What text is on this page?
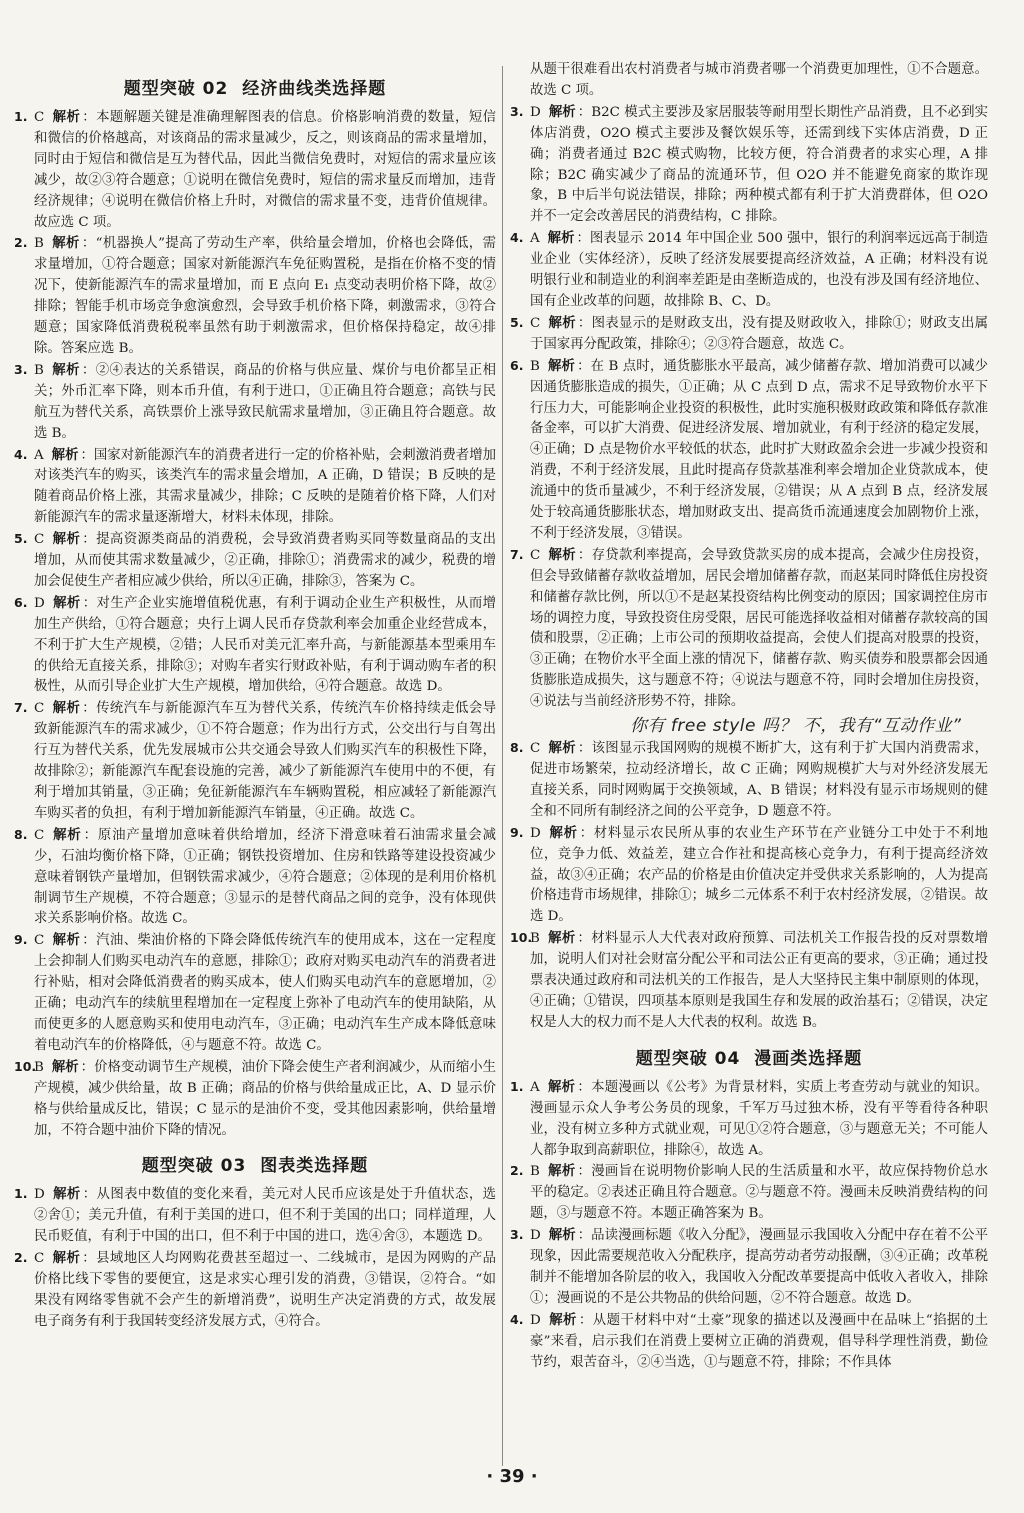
题型突破 02 经济曲线类选择题

1. C 解析 ：本题解题关键是准确理解图表的信息。价格影响消费的数量，短信和微信的价格越高，对该商品的需求量减少，反之，则该商品的需求量增加，同时由于短信和微信是互为替代品，因此当微信免费时，对短信的需求量应该减少，故②③符合题意；①说明在微信免费时，短信的需求量反而增加，违背经济规律；④说明在微信价格上升时，对微信的需求量不变，违背价值规律。故应选 C 项。

2. B 解析 ：“机器换人”提高了劳动生产率，供给量会增加，价格也会降低，需求量增加，①符合题意；国家对新能源汽车免征购置税，是指在价格不变的情况下，使新能源汽车的需求量增加，而 E 点向 E₁ 点变动表明价格下降，故②排除；智能手机市场竞争愈演愈烈，会导致手机价格下降，刺激需求，③符合题意；国家降低消费税税率虽然有助于刺激需求，但价格保持稳定，故④排除。答案应选 B。

3. B 解析 ：②④表达的关系错误，商品的价格与供应量、煤价与电价都呈正相关；外币汇率下降，则本币升值，有利于进口，①正确且符合题意；高铁与民航互为替代关系，高铁票价上涨导致民航需求量增加，③正确且符合题意。故选 B。

4. A 解析 ：国家对新能源汽车的消费者进行一定的价格补贴，会刺激消费者增加对该类汽车的购买，该类汽车的需求量会增加，A 正确，D 错误；B 反映的是随着商品价格上涨，其需求量减少，排除；C 反映的是随着价格下降，人们对新能源汽车的需求量逐渐增大，材料未体现，排除。

5. C 解析 ：提高资源类商品的消费税，会导致消费者购买同等数量商品的支出增加，从而使其需求数量减少，②正确，排除①；消费需求的减少，税费的增加会促使生产者相应减少供给，所以④正确，排除③，答案为 C。

6. D 解析 ：对生产企业实施增值税优惠，有利于调动企业生产积极性，从而增加生产供给，①符合题意；央行上调人民币存贷款利率会加重企业经营成本，不利于扩大生产规模，②错；人民币对美元汇率升高，与新能源基本型乘用车的供给无直接关系，排除③；对购车者实行财政补贴，有利于调动购车者的积极性，从而引导企业扩大生产规模，增加供给，④符合题意。故选 D。

7. C 解析 ：传统汽车与新能源汽车互为替代关系，传统汽车价格持续走低会导致新能源汽车的需求减少，①不符合题意；作为出行方式，公交出行与自驾出行互为替代关系，优先发展城市公共交通会导致人们购买汽车的积极性下降，故排除②；新能源汽车配套设施的完善，减少了新能源汽车使用中的不便，有利于增加其销量，③正确；免征新能源汽车车辆购置税，相应减轻了新能源汽车购买者的负担，有利于增加新能源汽车销量，④正确。故选 C。

8. C 解析 ：原油产量增加意味着供给增加，经济下滑意味着石油需求量会减少，石油均衡价格下降，①正确；钢铁投资增加、住房和铁路等建设投资减少意味着钢铁产量增加，但钢铁需求减少，④符合题意；②体现的是利用价格机制调节生产规模，不符合题意；③显示的是替代商品之间的竞争，没有体现供求关系影响价格。故选 C。

9. C 解析 ：汽油、柴油价格的下降会降低传统汽车的使用成本，这在一定程度上会抑制人们购买电动汽车的意愿，排除①；政府对购买电动汽车的消费者进行补贴，相对会降低消费者的购买成本，使人们购买电动汽车的意愿增加，②正确；电动汽车的续航里程增加在一定程度上弥补了电动汽车的使用缺陷，从而使更多的人愿意购买和使用电动汽车，③正确；电动汽车生产成本降低意味着电动汽车的价格降低，④与题意不符。故选 C。

10.B 解析 ：价格变动调节生产规模，油价下降会使生产者利润减少，从而缩小生产规模，减少供给量，故 B 正确；商品的价格与供给量成正比，A、D 显示价格与供给量成反比，错误；C 显示的是油价不变，受其他因素影响，供给量增加，不符合题中油价下降的情况。

题型突破 03 图表类选择题

1. D 解析 ：从图表中数值的变化来看，美元对人民币应该是处于升值状态，选②舍①；美元升值，有利于美国的进口，但不利于美国的出口；同样道理，人民币贬值，有利于中国的出口，但不利于中国的进口，选④舍③，本题选 D。

2. C 解析 ：县域地区人均网购花费甚至超过一、二线城市，是因为网购的产品价格比线下零售的要便宜，这是求实心理引发的消费，③错误，②符合。“如果没有网络零售就不会产生的新增消费”，说明生产决定消费的方式，故发展电子商务有利于我国转变经济发展方式，④符合。

从题干很难看出农村消费者与城市消费者哪一个消费更加理性，①不合题意。故选 C 项。

3. D 解析 ：B2C 模式主要涉及家居服装等耐用型长期性产品消费，且不必到实体店消费，O2O 模式主要涉及餐饮娱乐等，还需到线下实体店消费，D 正确；消费者通过 B2C 模式购物，比较方便，符合消费者的求实心理，A 排除；B2C 确实减少了商品的流通环节，但 O2O 并不能避免商家的欺诈现象，B 中后半句说法错误，排除；两种模式都有利于扩大消费群体，但 O2O 并不一定会改善居民的消费结构，C 排除。

4. A 解析 ：图表显示 2014 年中国企业 500 强中，银行的利润率远远高于制造业企业（实体经济），反映了经济发展要提高经济效益，A 正确；材料没有说明银行业和制造业的利润率差距是由垄断造成的，也没有涉及国有经济地位、国有企业改革的问题，故排除 B、C、D。

5. C 解析 ：图表显示的是财政支出，没有提及财政收入，排除①；财政支出属于国家再分配政策，排除④；②③符合题意，故选 C。

6. B 解析 ：在 B 点时，通货膨胀水平最高，减少储蓄存款、增加消费可以减少因通货膨胀造成的损失，①正确；从 C 点到 D 点，需求不足导致物价水平下行压力大，可能影响企业投资的积极性，此时实施积极财政政策和降低存款准备金率，可以扩大消费、促进经济发展、增加就业，有利于经济的稳定发展，④正确；D 点是物价水平较低的状态，此时扩大财政盈余会进一步减少投资和消费，不利于经济发展，且此时提高存贷款基准利率会增加企业贷款成本，使流通中的货币量减少，不利于经济发展，②错误；从 A 点到 B 点，经济发展处于较高通货膨胀状态，增加财政支出、提高货币流通速度会加剧物价上涨，不利于经济发展，③错误。

7. C 解析 ：存贷款利率提高，会导致贷款买房的成本提高，会减少住房投资，但会导致储蓄存款收益增加，居民会增加储蓄存款，而赵某同时降低住房投资和储蓄存款比例，所以①不是赵某投资结构比例变动的原因；国家调控住房市场的调控力度，导致投资住房受限，居民可能选择收益相对储蓄存款较高的国债和股票，②正确；上市公司的预期收益提高，会使人们提高对股票的投资，③正确；在物价水平全面上涨的情况下，储蓄存款、购买债券和股票都会因通货膨胀造成损失，这与题意不符；④说法与题意不符，同时会增加住房投资，④说法与当前经济形势不符，排除。

你有 free style 吗？ 不，我有“互动作业”

8. C 解析 ：该图显示我国网购的规模不断扩大，这有利于扩大国内消费需求，促进市场繁荣，拉动经济增长，故 C 正确；网购规模扩大与对外经济发展无直接关系，同时网购属于交换领域，A、B 错误；材料没有显示市场规则的健全和不同所有制经济之间的公平竞争，D 题意不符。

9. D 解析 ：材料显示农民所从事的农业生产环节在产业链分工中处于不利地位，竞争力低、效益差，建立合作社和提高核心竞争力，有利于提高经济效益，故③④正确；农产品的价格是由价值决定并受供求关系影响的，人为提高价格违背市场规律，排除①；城乡二元体系不利于农村经济发展，②错误。故选 D。

10.B 解析 ：材料显示人大代表对政府预算、司法机关工作报告投的反对票数增加，说明人们对社会财富分配公平和司法公正有更高的要求，③正确；通过投票表决通过政府和司法机关的工作报告，是人大坚持民主集中制原则的体现，④正确；①错误，四项基本原则是我国生存和发展的政治基石；②错误，决定权是人大的权力而不是人大代表的权利。故选 B。

题型突破 04 漫画类选择题

1. A 解析 ：本题漫画以《公考》为背景材料，实质上考查劳动与就业的知识。漫画显示众人争考公务员的现象，千军万马过独木桥，没有平等看待各种职业，没有树立多种方式就业观，可见①②符合题意，③与题意无关；不可能人人都争取到高薪职位，排除④，故选 A。

2. B 解析 ：漫画旨在说明物价影响人民的生活质量和水平，故应保持物价总水平的稳定。②表述正确且符合题意。②与题意不符。漫画未反映消费结构的问题，③与题意不符。本题正确答案为 B。

3. D 解析 ：品读漫画标题《收入分配》，漫画显示我国收入分配中存在着不公平现象，因此需要规范收入分配秩序，提高劳动者劳动报酬，③④正确；改革税制并不能增加各阶层的收入，我国收入分配改革要提高中低收入者收入，排除①；漫画说的不是公共物品的供给问题，②不符合题意。故选 D。

4. D 解析 ：从题干材料中对“土豪”现象的描述以及漫画中在品味上“掐据的土豪”来看，启示我们在消费上要树立正确的消费观，倡导科学理性消费，勤俭节约，艰苦奋斗，②④当选，①与题意不符，排除；不作具体

· 39 ·
